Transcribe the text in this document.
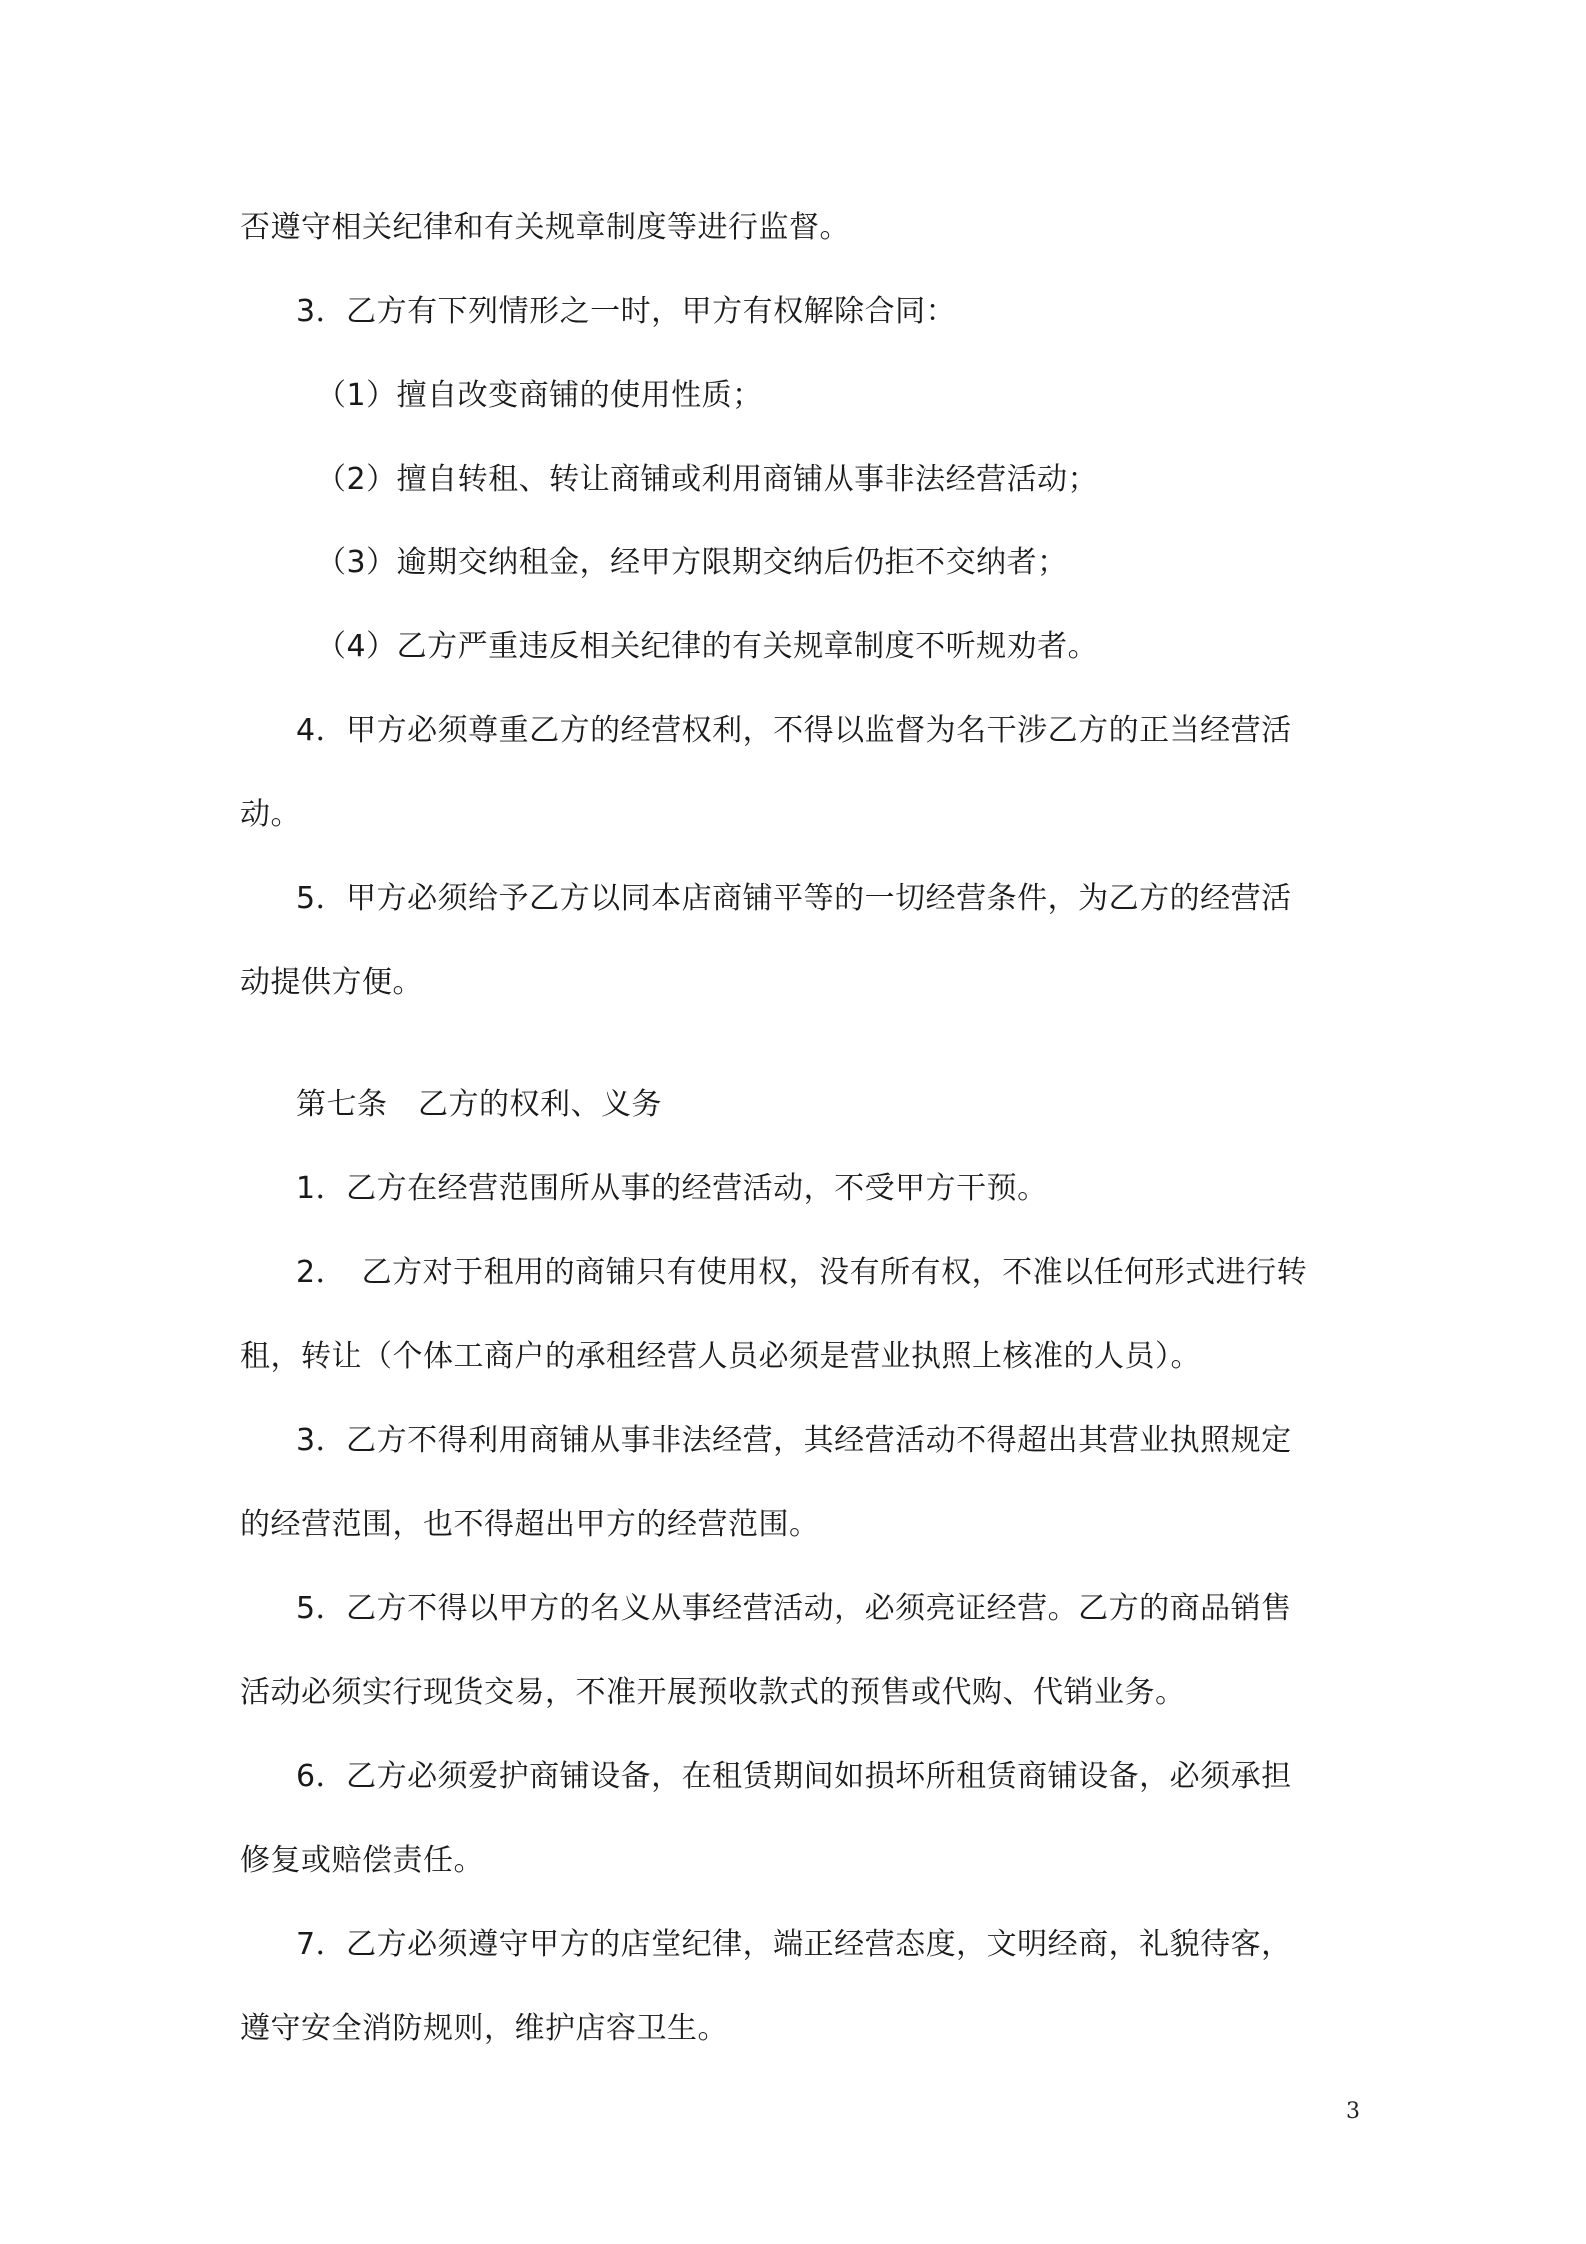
否遵守相关纪律和有关规章制度等进行监督。
3．乙方有下列情形之一时，甲方有权解除合同：
（1）擅自改变商铺的使用性质；
（2）擅自转租、转让商铺或利用商铺从事非法经营活动；
（3）逾期交纳租金，经甲方限期交纳后仍拒不交纳者；
（4）乙方严重违反相关纪律的有关规章制度不听规劝者。
4．甲方必须尊重乙方的经营权利，不得以监督为名干涉乙方的正当经营活
动。
5．甲方必须给予乙方以同本店商铺平等的一切经营条件，为乙方的经营活
动提供方便。
第七条　乙方的权利、义务
1．乙方在经营范围所从事的经营活动，不受甲方干预。
2．　乙方对于租用的商铺只有使用权，没有所有权，不准以任何形式进行转
租，转让（个体工商户的承租经营人员必须是营业执照上核准的人员）。
3．乙方不得利用商铺从事非法经营，其经营活动不得超出其营业执照规定
的经营范围，也不得超出甲方的经营范围。
5．乙方不得以甲方的名义从事经营活动，必须亮证经营。乙方的商品销售
活动必须实行现货交易，不准开展预收款式的预售或代购、代销业务。
6．乙方必须爱护商铺设备，在租赁期间如损坏所租赁商铺设备，必须承担
修复或赔偿责任。
7．乙方必须遵守甲方的店堂纪律，端正经营态度，文明经商，礼貌待客，
遵守安全消防规则，维护店容卫生。
3
